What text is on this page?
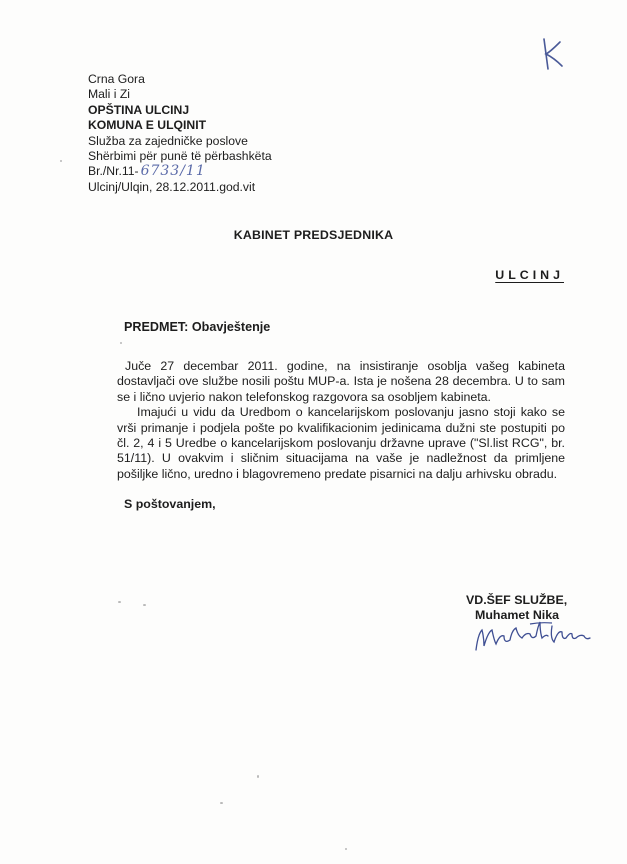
Crna Gora
Mali i Zi
OPŠTINA ULCINJ
KOMUNA E ULQINIT
Služba za zajedničke poslove
Shërbimi për punë të përbashkëta
Br./Nr.11- 6733/11
Ulcinj/Ulqin, 28.12.2011.god.vit
KABINET PREDSJEDNIKA
ULCINJ
PREDMET: Obavještenje

Juče 27 decembar 2011. godine, na insistiranje osoblja vašeg kabineta dostavljači ove službe nosili poštu MUP-a. Ista je nošena 28 decembra. U to sam se i lično uvjerio nakon telefonskog razgovora sa osobljem kabineta.

Imajući u vidu da Uredbom o kancelarijskom poslovanju jasno stoji kako se vrši primanje i podjela pošte po kvalifikacionim jedinicama dužni ste postupiti po čl. 2, 4 i 5 Uredbe o kancelarijskom poslovanju državne uprave ("Sl.list RCG", br. 51/11). U ovakvim i sličnim situacijama na vaše je nadležnost da primljene pošiljke lično, uredno i blagovremeno predate pisarnici na dalju arhivsku obradu.

S poštovanjem,
VD.ŠEF SLUŽBE,
Muhamet Nika
